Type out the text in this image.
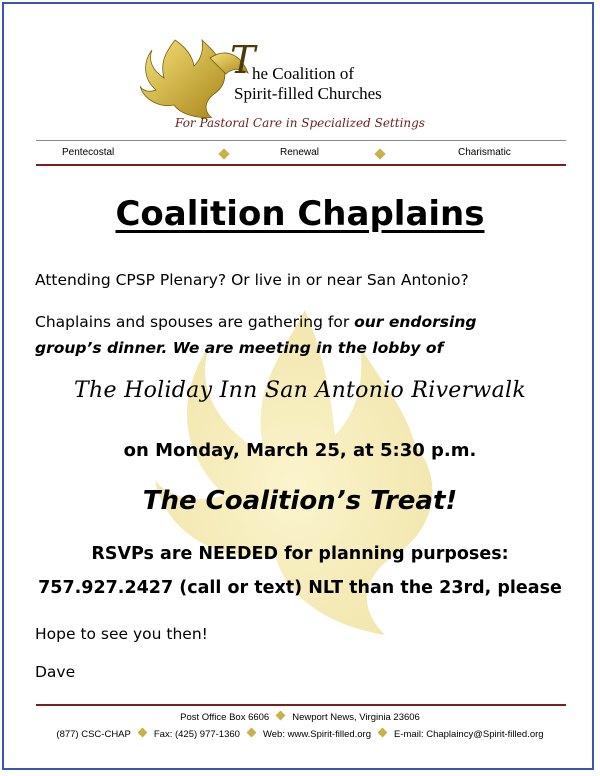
T
he Coalition of
Spirit-filled Churches
For Pastoral Care in Specialized Settings
Pentecostal	Renewal	Charismatic
Coalition Chaplains
Attending CPSP Plenary? Or live in or near San Antonio?
Chaplains and spouses are gathering for our endorsing
group’s dinner. We are meeting in the lobby of
The Holiday Inn San Antonio Riverwalk
on Monday, March 25, at 5:30 p.m.
The Coalition’s Treat!
RSVPs are NEEDED for planning purposes:
757.927.2427 (call or text) NLT than the 23rd, please
Hope to see you then!
Dave
Post Office Box 6606 Newport News, Virginia 23606
(877) CSC-CHAP Fax: (425) 977-1360 Web: www.Spirit-filled.org E-mail: Chaplaincy@Spirit-filled.org
